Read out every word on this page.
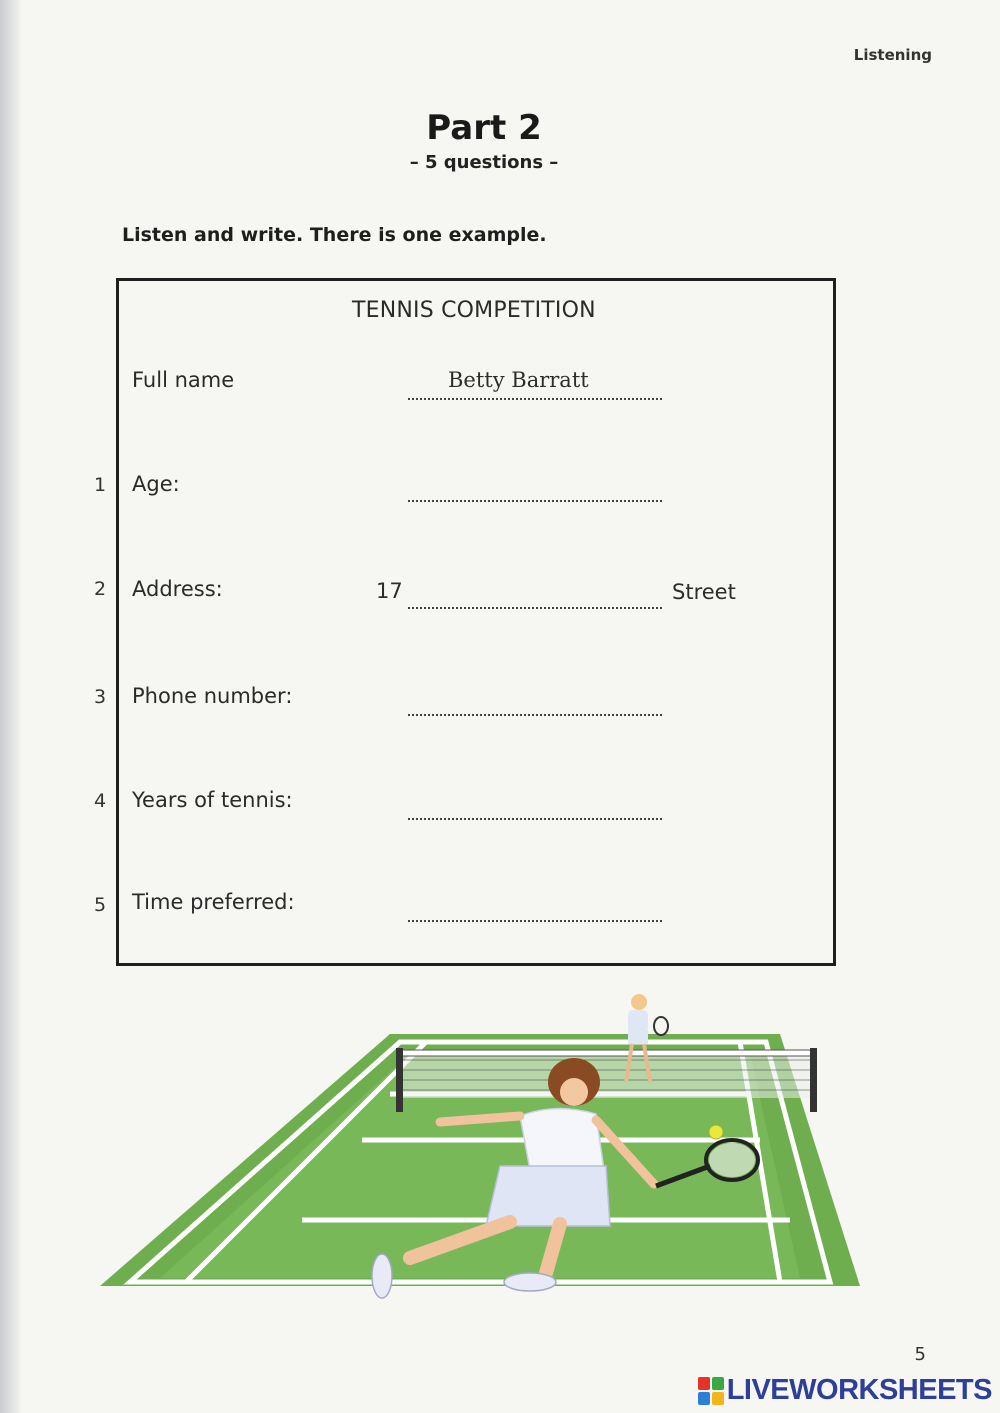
Listening
Part 2
– 5 questions –
Listen and write. There is one example.
TENNIS COMPETITION
Full name	Betty Barratt
1 Age:
2 Address:	17	Street
3 Phone number:
4 Years of tennis:
5 Time preferred:
5
LIVEWORKSHEETS
